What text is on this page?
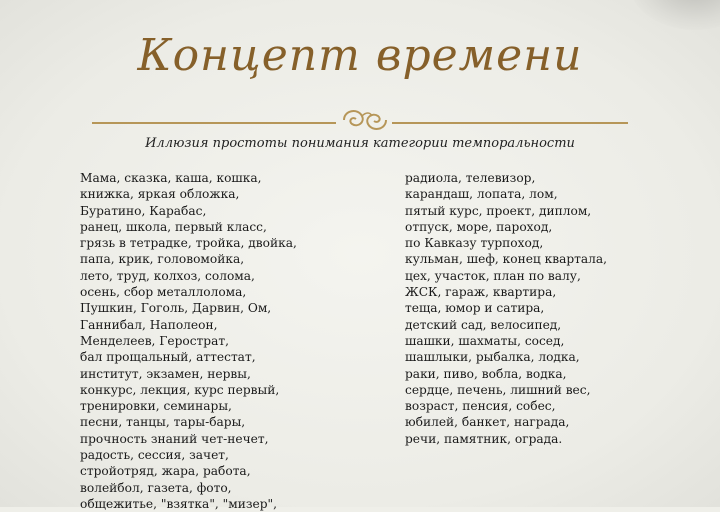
Концепт времени
Иллюзия простоты понимания категории темпоральности
Мама, сказка, каша, кошка,
книжка, яркая обложка,
Буратино, Карабас,
ранец, школа, первый класс,
грязь в тетрадке, тройка, двойка,
папа, крик, головомойка,
лето, труд, колхоз, солома,
осень, сбор металлолома,
Пушкин, Гоголь, Дарвин, Ом,
Ганнибал, Наполеон,
Менделеев, Герострат,
бал прощальный, аттестат,
институт, экзамен, нервы,
конкурс, лекция, курс первый,
тренировки, семинары,
песни, танцы, тары-бары,
прочность знаний чет-нечет,
радость, сессия, зачет,
стройотряд, жара, работа,
волейбол, газета, фото,
общежитье, "взятка", "мизер",
радиола, телевизор,
карандаш, лопата, лом,
пятый курс, проект, диплом,
отпуск, море, пароход,
по Кавказу турпоход,
кульман, шеф, конец квартала,
цех, участок, план по валу,
ЖСК, гараж, квартира,
теща, юмор и сатира,
детский сад, велосипед,
шашки, шахматы, сосед,
шашлыки, рыбалка, лодка,
раки, пиво, вобла, водка,
сердце, печень, лишний вес,
возраст, пенсия, собес,
юбилей, банкет, награда,
речи, памятник, ограда.
